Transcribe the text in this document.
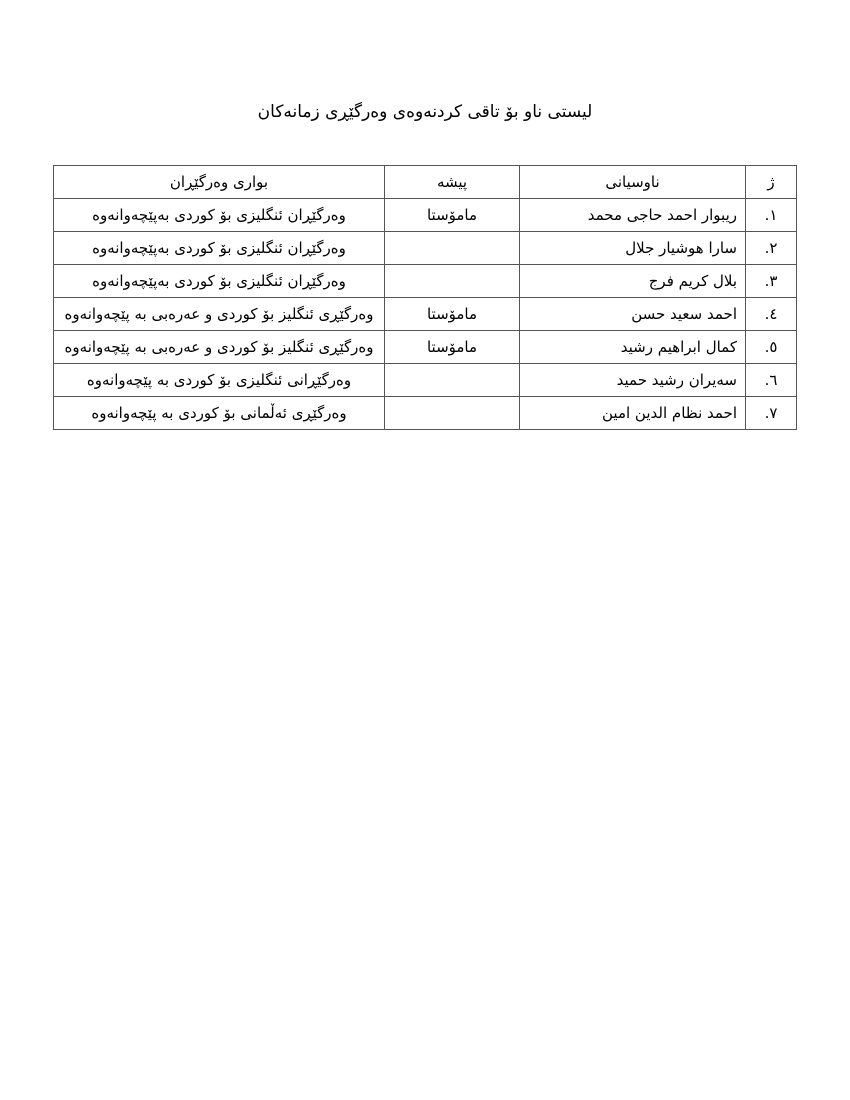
لیستی ناو بۆ تاقی کردنەوەی وەرگێڕی زمانەکان
ژ	ناوسیانی	پیشه	بواری وەرگێڕان
١.	ریبوار احمد حاجی محمد	مامۆستا	وەرگێڕان ئنگلیزی بۆ کوردی بەپێچەوانەوە
٢.	سارا هوشیار جلال		وەرگێڕان ئنگلیزی بۆ کوردی بەپێچەوانەوە
٣.	بلال کریم فرج		وەرگێڕان ئنگلیزی بۆ کوردی بەپێچەوانەوە
٤.	احمد سعید حسن	مامۆستا	وەرگێڕی ئنگلیز بۆ کوردی و عەرەبی بە پێچەوانەوە
٥.	کمال ابراهیم رشید	مامۆستا	وەرگێڕی ئنگلیز بۆ کوردی و عەرەبی بە پێچەوانەوە
٦.	سەیران رشید حمید		وەرگێڕانی ئنگلیزی بۆ کوردی بە پێچەوانەوە
٧.	احمد نظام الدین امین		وەرگێڕی ئەڵمانی بۆ کوردی بە پێچەوانەوە
